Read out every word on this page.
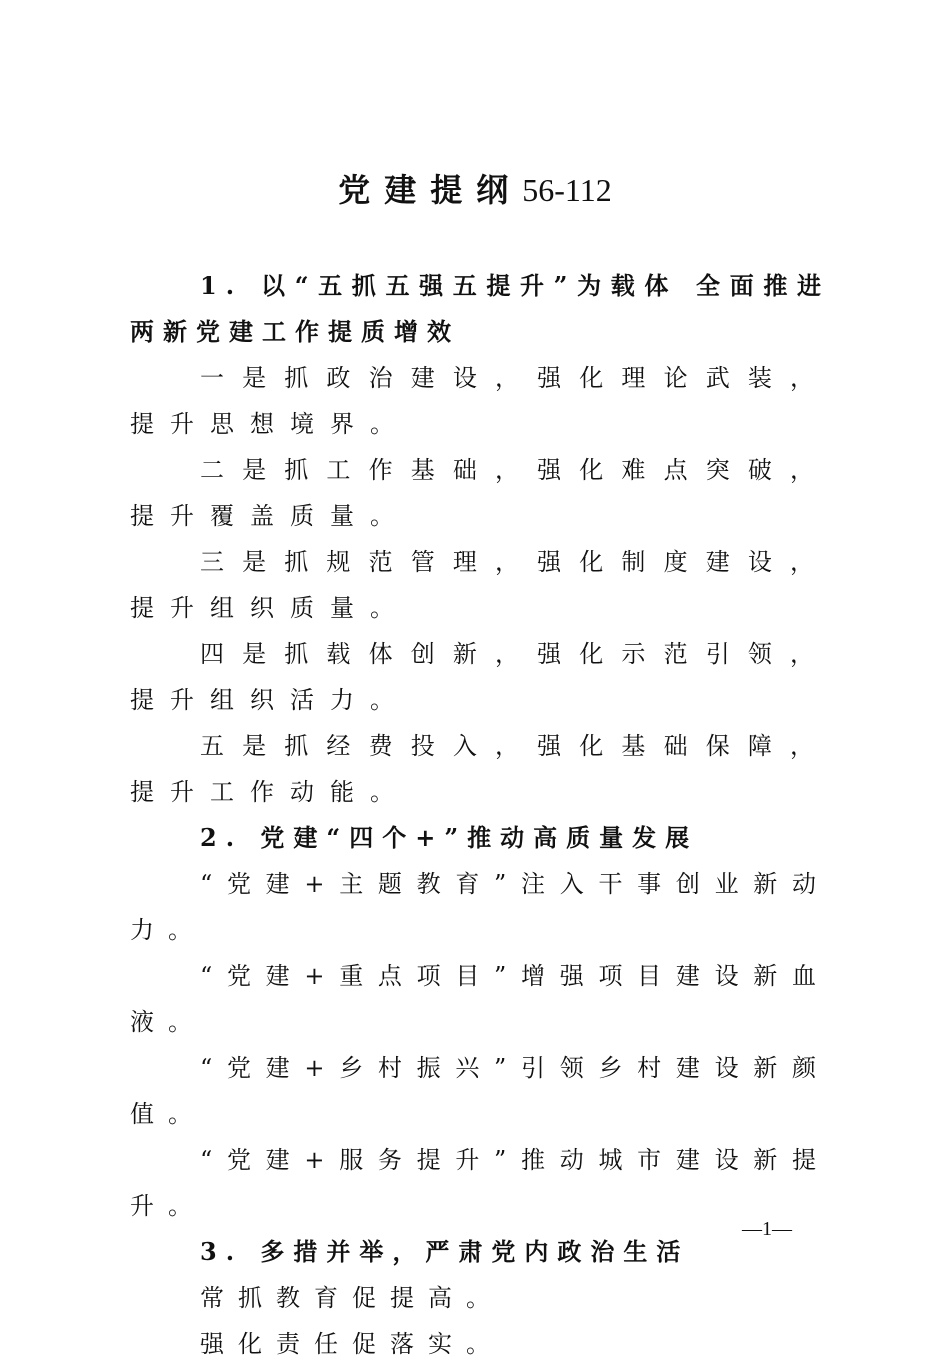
党建提纲56-112

1. 以“五抓五强五提升”为载体 全面推进两新党建工作提质增效

一是抓政治建设，强化理论武装，提升思想境界。

二是抓工作基础，强化难点突破，提升覆盖质量。

三是抓规范管理，强化制度建设，提升组织质量。

四是抓载体创新，强化示范引领，提升组织活力。

五是抓经费投入，强化基础保障，提升工作动能。

2. 党建“四个+”推动高质量发展

“党建+主题教育”注入干事创业新动力。

“党建+重点项目”增强项目建设新血液。

“党建+乡村振兴”引领乡村建设新颜值。

“党建+服务提升”推动城市建设新提升。

3. 多措并举，严肃党内政治生活

常抓教育促提高。

强化责任促落实。

—1—
